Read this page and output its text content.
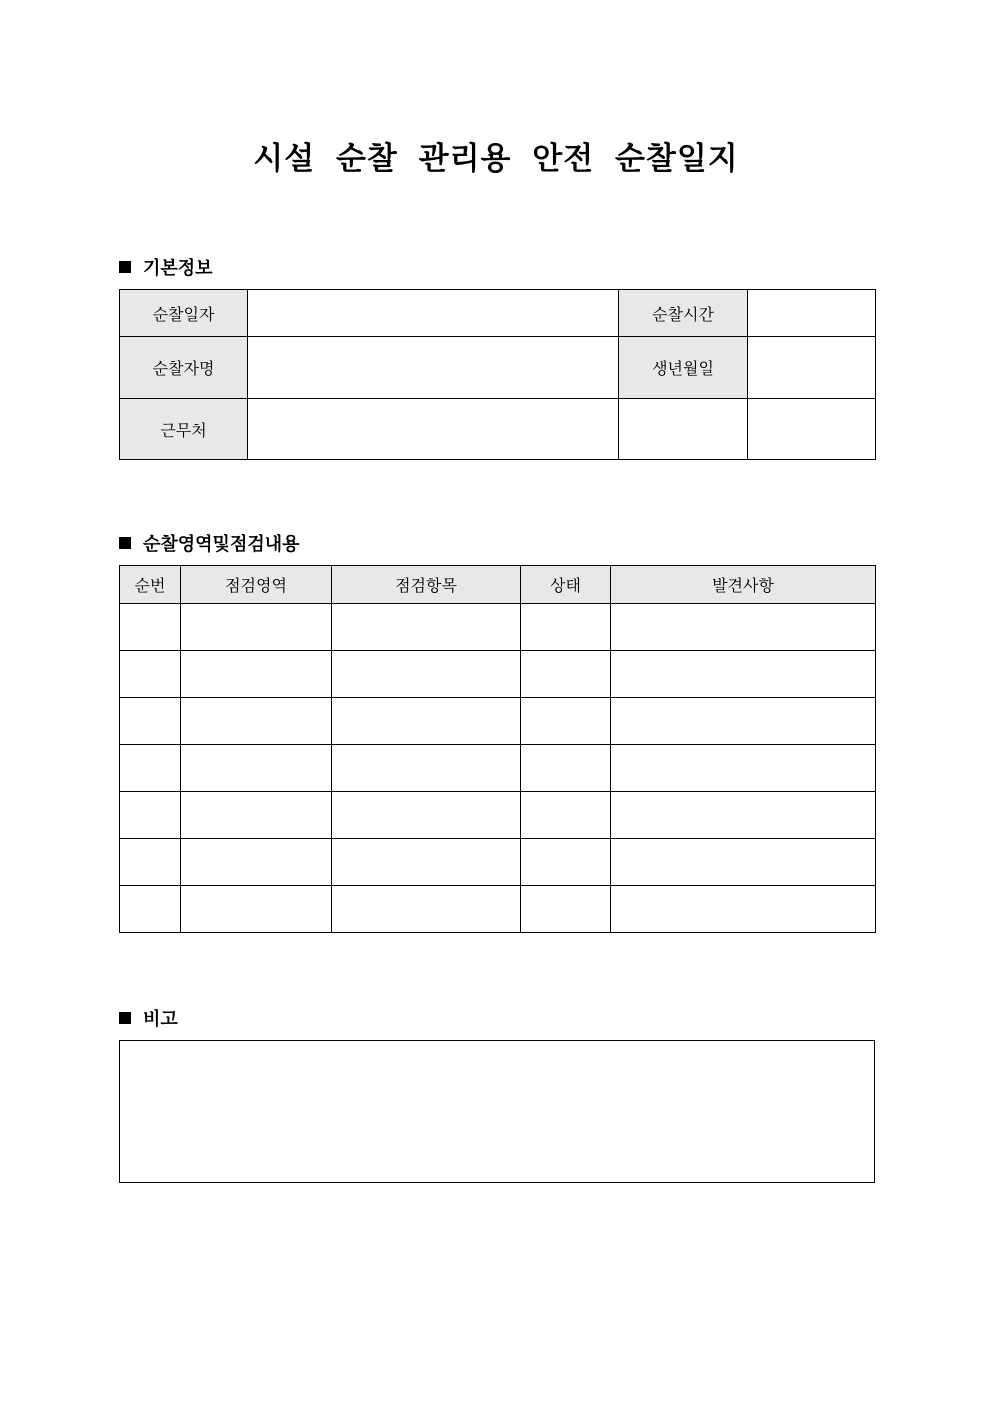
시설 순찰 관리용 안전 순찰일지
기본정보
순찰일자		순찰시간	
순찰자명		생년월일	
근무처			
순찰영역및점검내용
순번	점검영역	점검항목	상태	발견사항

비고
